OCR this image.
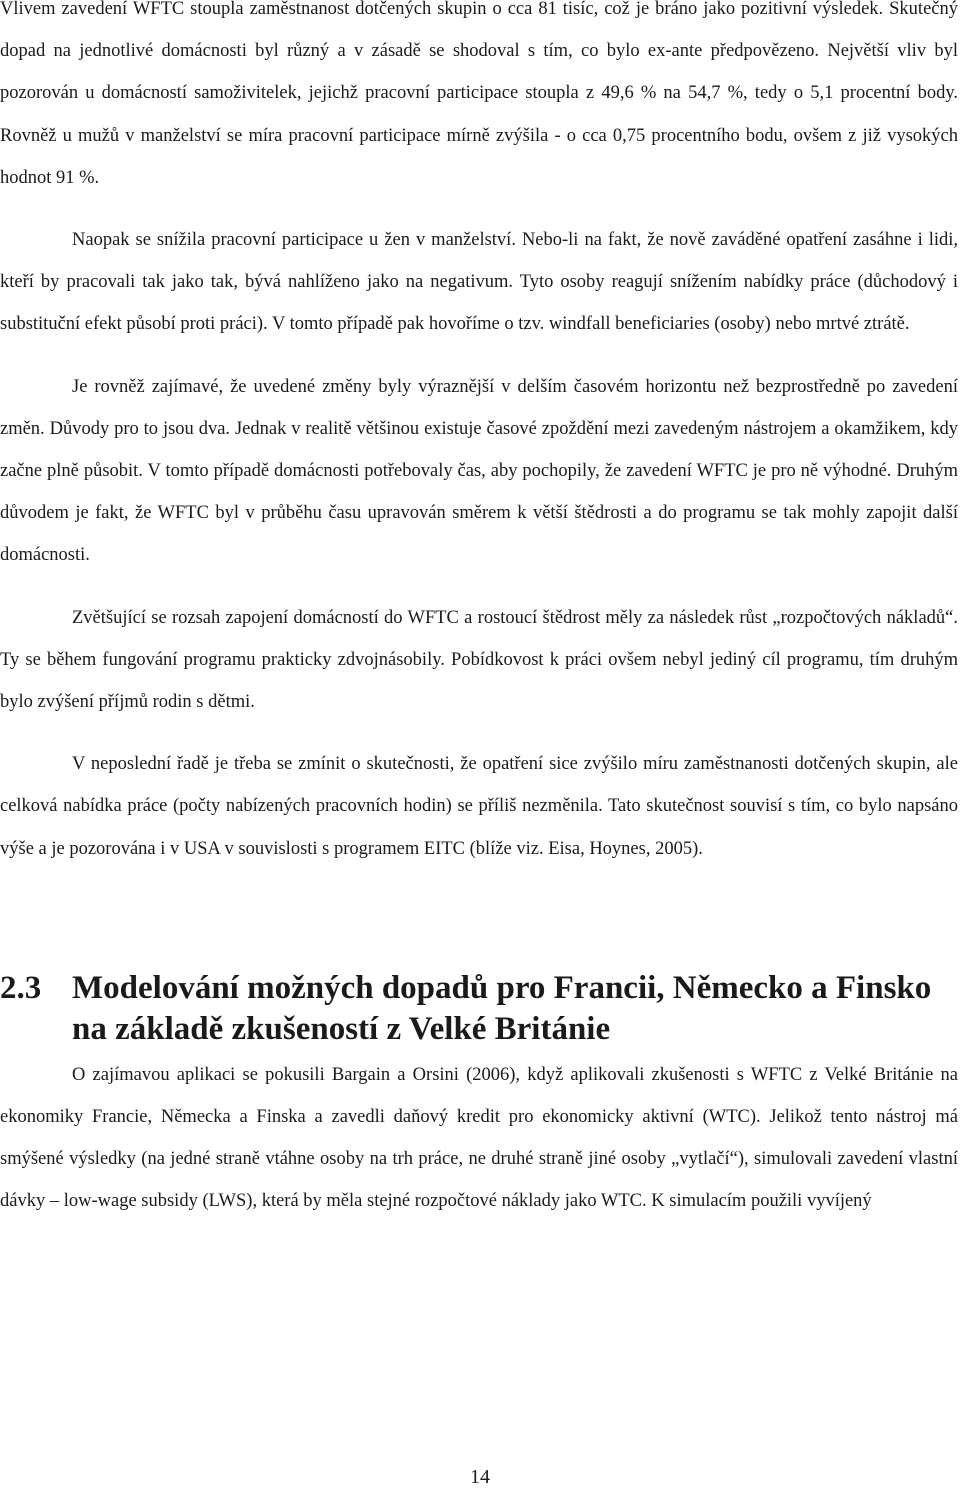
Vlivem zavedení WFTC stoupla zaměstnanost dotčených skupin o cca 81 tisíc, což je bráno jako pozitivní výsledek. Skutečný dopad na jednotlivé domácnosti byl různý a v zásadě se shodoval s tím, co bylo ex-ante předpovězeno. Největší vliv byl pozorován u domácností samoživitelek, jejichž pracovní participace stoupla z 49,6 % na 54,7 %, tedy o 5,1 procentní body. Rovněž u mužů v manželství se míra pracovní participace mírně zvýšila - o cca 0,75 procentního bodu, ovšem z již vysokých hodnot 91 %.

Naopak se snížila pracovní participace u žen v manželství. Nebo-li na fakt, že nově zaváděné opatření zasáhne i lidi, kteří by pracovali tak jako tak, bývá nahlíženo jako na negativum. Tyto osoby reagují snížením nabídky práce (důchodový i substituční efekt působí proti práci). V tomto případě pak hovoříme o tzv. windfall beneficiaries (osoby) nebo mrtvé ztrátě.

Je rovněž zajímavé, že uvedené změny byly výraznější v delším časovém horizontu než bezprostředně po zavedení změn. Důvody pro to jsou dva. Jednak v realitě většinou existuje časové zpoždění mezi zavedeným nástrojem a okamžikem, kdy začne plně působit. V tomto případě domácnosti potřebovaly čas, aby pochopily, že zavedení WFTC je pro ně výhodné. Druhým důvodem je fakt, že WFTC byl v průběhu času upravován směrem k větší štědrosti a do programu se tak mohly zapojit další domácnosti.

Zvětšující se rozsah zapojení domácností do WFTC a rostoucí štědrost měly za následek růst „rozpočtových nákladů“. Ty se během fungování programu prakticky zdvojnásobily. Pobídkovost k práci ovšem nebyl jediný cíl programu, tím druhým bylo zvýšení příjmů rodin s dětmi.

V neposlední řadě je třeba se zmínit o skutečnosti, že opatření sice zvýšilo míru zaměstnanosti dotčených skupin, ale celková nabídka práce (počty nabízených pracovních hodin) se příliš nezměnila. Tato skutečnost souvisí s tím, co bylo napsáno výše a je pozorována i v USA v souvislosti s programem EITC (blíže viz. Eisa, Hoynes, 2005).

2.3 Modelování možných dopadů pro Francii, Německo a Finsko na základě zkušeností z Velké Británie

O zajímavou aplikaci se pokusili Bargain a Orsini (2006), když aplikovali zkušenosti s WFTC z Velké Británie na ekonomiky Francie, Německa a Finska a zavedli daňový kredit pro ekonomicky aktivní (WTC). Jelikož tento nástroj má smýšené výsledky (na jedné straně vtáhne osoby na trh práce, ne druhé straně jiné osoby „vytlačí“), simulovali zavedení vlastní dávky – low-wage subsidy (LWS), která by měla stejné rozpočtové náklady jako WTC. K simulacím použili vyvíjený

14
